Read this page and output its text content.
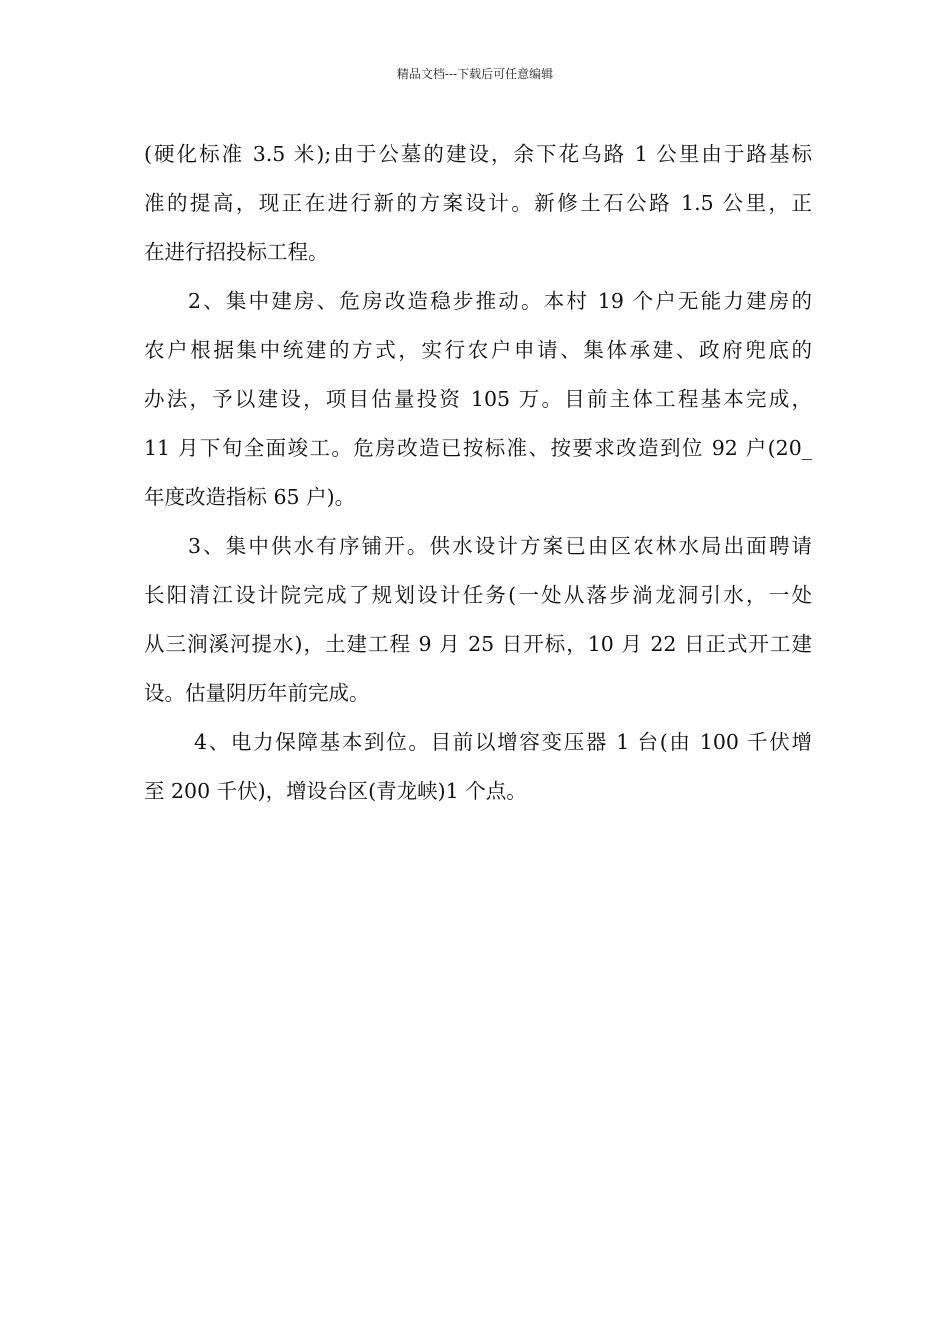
精品文档---下载后可任意编辑
(硬化标准 3.5 米);由于公墓的建设，余下花乌路 1 公里由于路基标
准的提高，现正在进行新的方案设计。新修土石公路 1.5 公里，正
在进行招投标工程。
2、集中建房、危房改造稳步推动。本村 19 个户无能力建房的
农户根据集中统建的方式，实行农户申请、集体承建、政府兜底的
办法，予以建设，项目估量投资 105 万。目前主体工程基本完成，
11 月下旬全面竣工。危房改造已按标准、按要求改造到位 92 户(20_
年度改造指标 65 户)。
3、集中供水有序铺开。供水设计方案已由区农林水局出面聘请
长阳清江设计院完成了规划设计任务(一处从落步淌龙洞引水，一处
从三涧溪河提水)，土建工程 9 月 25 日开标，10 月 22 日正式开工建
设。估量阴历年前完成。
4、电力保障基本到位。目前以增容变压器 1 台(由 100 千伏增
至 200 千伏)，增设台区(青龙峡)1 个点。
